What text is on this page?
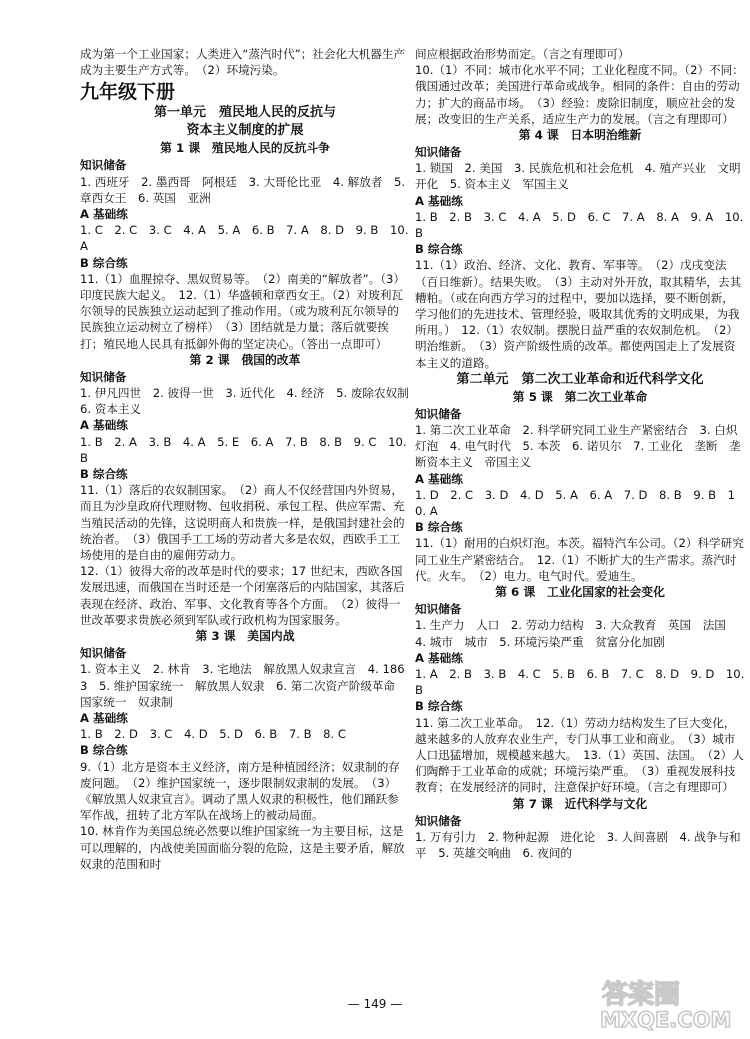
成为第一个工业国家；人类进入“蒸汽时代”；社会化大机器生产成为主要生产方式等。　（2）环境污染。
九年级下册
第一单元　殖民地人民的反抗与
资本主义制度的扩展
第 1 课　殖民地人民的反抗斗争
知识储备
1. 西班牙　2. 墨西哥　阿根廷　3. 大哥伦比亚　4. 解放者　5. 章西女王　6. 英国　亚洲
A 基础练
1. C　2. C　3. C　4. A　5. A　6. B　7. A　8. D　9. B　10. A
B 综合练
11.（1）血腥掠夺、黑奴贸易等。　（2）南美的“解放者”。（3）印度民族大起义。　12.（1）华盛顿和章西女王。（2）对玻利瓦尔领导的民族独立运动起到了推动作用。（或为玻利瓦尔领导的民族独立运动树立了榜样）　（3）团结就是力量；落后就要挨打；殖民地人民具有抵御外侮的坚定决心。（答出一点即可）
第 2 课　俄国的改革
知识储备
1. 伊凡四世　2. 彼得一世　3. 近代化　4. 经济　5. 废除农奴制　6. 资本主义
A 基础练
1. B　2. A　3. B　4. A　5. E　6. A　7. B　8. B　9. C　10. B
B 综合练
11.（1）落后的农奴制国家。　（2）商人不仅经营国内外贸易，而且为沙皇政府代理财物、包收捐税、承包工程、供应军需、充当殖民活动的先锋，这说明商人和贵族一样，是俄国封建社会的统治者。　（3）俄国手工工场的劳动者大多是农奴，西欧手工工场使用的是自由的雇佣劳动力。
12.（1）彼得大帝的改革是时代的要求；17 世纪末，西欧各国发展迅速，而俄国在当时还是一个闭塞落后的内陆国家，其落后表现在经济、政治、军事、文化教育等各个方面。　（2）彼得一世改革要求贵族必须到军队或行政机构为国家服务。
第 3 课　美国内战
知识储备
1. 资本主义　2. 林肯　3. 宅地法　解放黑人奴隶宣言　4. 1863　5. 维护国家统一　解放黑人奴隶　6. 第二次资产阶级革命　国家统一　奴隶制
A 基础练
1. B　2. D　3. C　4. D　5. D　6. B　7. B　8. C
B 综合练
9.（1）北方是资本主义经济，南方是种植园经济；奴隶制的存废问题。　（2）维护国家统一，逐步限制奴隶制的发展。　（3）《解放黑人奴隶宣言》。调动了黑人奴隶的积极性，他们踊跃参军作战，扭转了北方军队在战场上的被动局面。
10. 林肯作为美国总统必然要以维护国家统一为主要目标，这是可以理解的，内战使美国面临分裂的危险，这是主要矛盾，解放奴隶的范围和时
间应根据政治形势而定。（言之有理即可）
10.（1）不同：城市化水平不同；工业化程度不同。（2）不同：俄国通过改革；美国进行革命或战争。相同的条件：自由的劳动力；扩大的商品市场。　（3）经验：废除旧制度，顺应社会的发展；改变旧的生产关系，适应生产力的发展。（言之有理即可）
第 4 课　日本明治维新
知识储备
1. 锁国　2. 美国　3. 民族危机和社会危机　4. 殖产兴业　文明开化　5. 资本主义　军国主义
A 基础练
1. B　2. B　3. C　4. A　5. D　6. C　7. A　8. A　9. A　10. B
B 综合练
11.（1）政治、经济、文化、教育、军事等。　（2）戊戌变法（百日维新）。结果失败。　（3）主动对外开放，取其精华，去其糟粕。（或在向西方学习的过程中，要加以选择，要不断创新，学习他们的先进技术、管理经验，吸取其优秀的文明成果，为我所用。）　12.（1）农奴制。摆脱日益严重的农奴制危机。　（2）明治维新。　（3）资产阶级性质的改革。都使两国走上了发展资本主义的道路。
第二单元　第二次工业革命和近代科学文化
第 5 课　第二次工业革命
知识储备
1. 第二次工业革命　2. 科学研究同工业生产紧密结合　3. 白炽灯泡　4. 电气时代　5. 本茨　6. 诺贝尔　7. 工业化　垄断　垄断资本主义　帝国主义
A 基础练
1. D　2. C　3. D　4. D　5. A　6. A　7. D　8. B　9. B　10. A
B 综合练
11.（1）耐用的白炽灯泡。本茨。福特汽车公司。（2）科学研究同工业生产紧密结合。　12.（1）不断扩大的生产需求。蒸汽时代。火车。　（2）电力。电气时代。爱迪生。
第 6 课　工业化国家的社会变化
知识储备
1. 生产力　人口　2. 劳动力结构　3. 大众教育　英国　法国　4. 城市　城市　5. 环境污染严重　贫富分化加剧
A 基础练
1. A　2. B　3. B　4. C　5. B　6. B　7. C　8. D　9. D　10. B
B 综合练
11. 第二次工业革命。　12.（1）劳动力结构发生了巨大变化，越来越多的人放弃农业生产，专门从事工业和商业。　（3）城市人口迅猛增加，规模越来越大。　13.（1）英国、法国。　（2）人们陶醉于工业革命的成就；环境污染严重。　（3）重视发展科技教育；在发展经济的同时，注意保护好环境。（言之有理即可）
第 7 课　近代科学与文化
知识储备
1. 万有引力　2. 物种起源　进化论　3. 人间喜剧　4. 战争与和平　5. 英雄交响曲　6. 夜间的
— 149 —	答案圈
MXQE.COM
